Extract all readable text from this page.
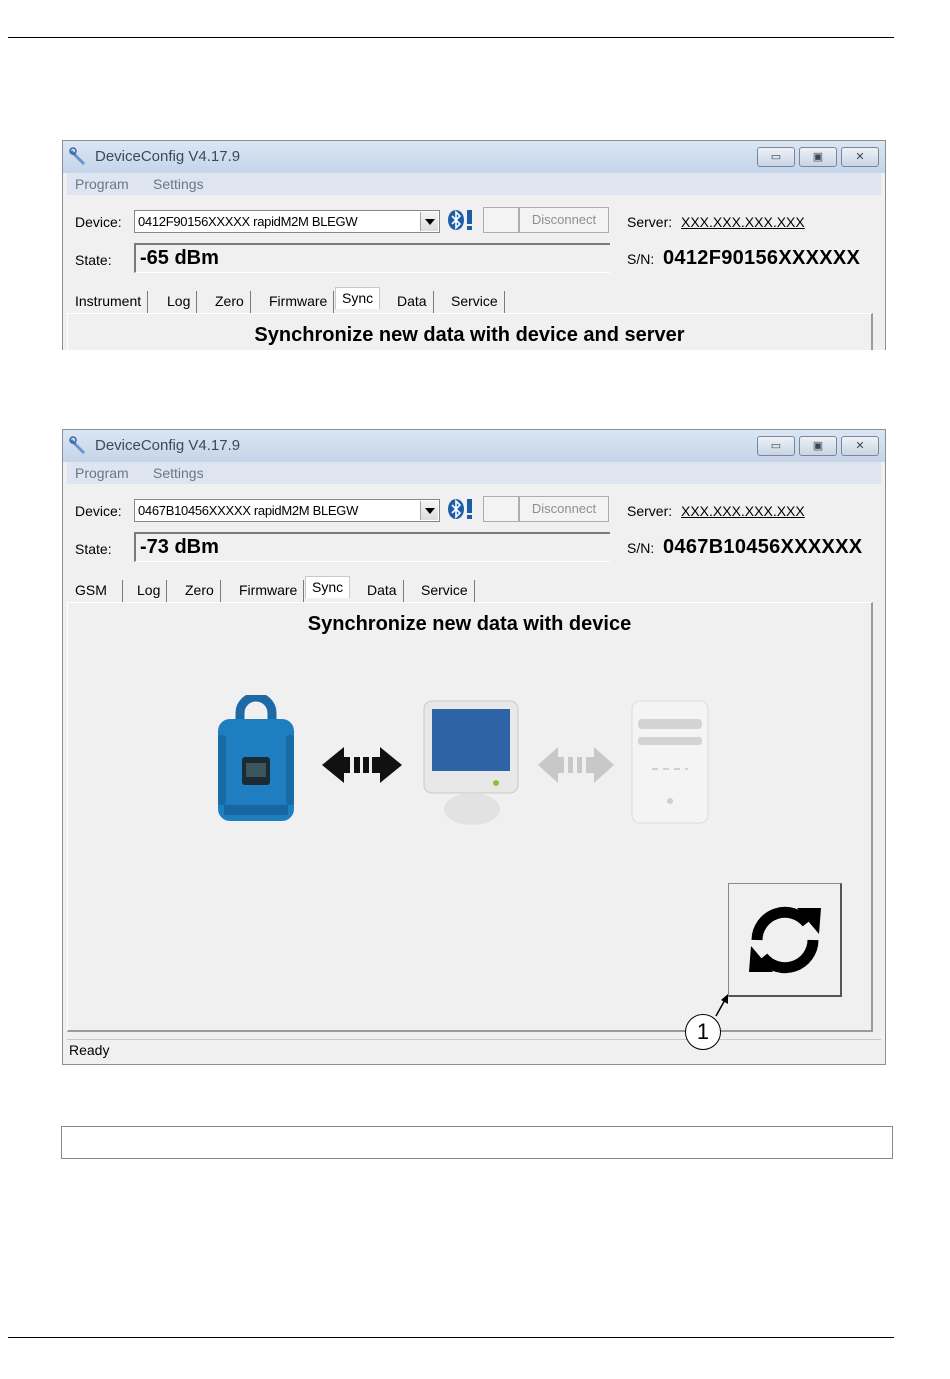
DeviceConfig V4.17.9	▭	▣	✕
Program Settings
Device: 0412F90156XXXXX rapidM2M BLEGW	Disconnect	Server: XXX.XXX.XXX.XXX
State: -65 dBm	S/N: 0412F90156XXXXXX
Instrument	Log	Zero	Firmware	Sync	Data	Service
Synchronize new data with device and server
DeviceConfig V4.17.9	▭	▣	✕
Program Settings
Device: 0467B10456XXXXX rapidM2M BLEGW	Disconnect	Server: XXX.XXX.XXX.XXX
State: -73 dBm	S/N: 0467B10456XXXXXX
GSM	Log	Zero	Firmware	Sync	Data	Service
Synchronize new data with device
Ready
1
